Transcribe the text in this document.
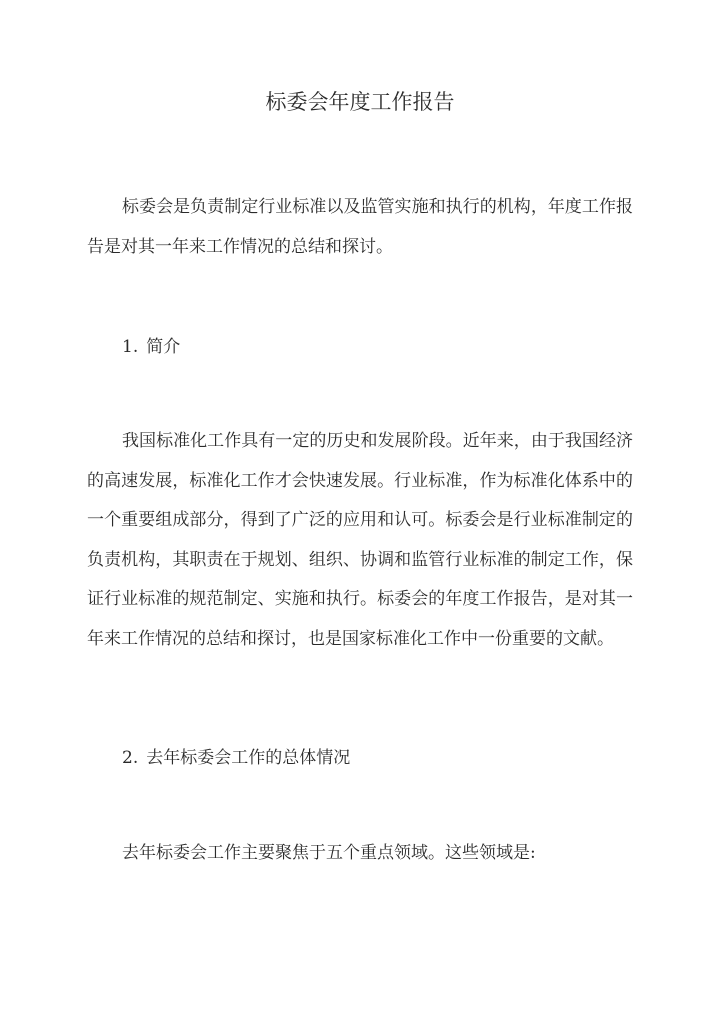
标委会年度工作报告

标委会是负责制定行业标准以及监管实施和执行的机构，年度工作报告是对其一年来工作情况的总结和探讨。

1. 简介

我国标准化工作具有一定的历史和发展阶段。近年来，由于我国经济的高速发展，标准化工作才会快速发展。行业标准，作为标准化体系中的一个重要组成部分，得到了广泛的应用和认可。标委会是行业标准制定的负责机构，其职责在于规划、组织、协调和监管行业标准的制定工作，保证行业标准的规范制定、实施和执行。标委会的年度工作报告，是对其一年来工作情况的总结和探讨，也是国家标准化工作中一份重要的文献。

2. 去年标委会工作的总体情况

去年标委会工作主要聚焦于五个重点领域。这些领域是:
